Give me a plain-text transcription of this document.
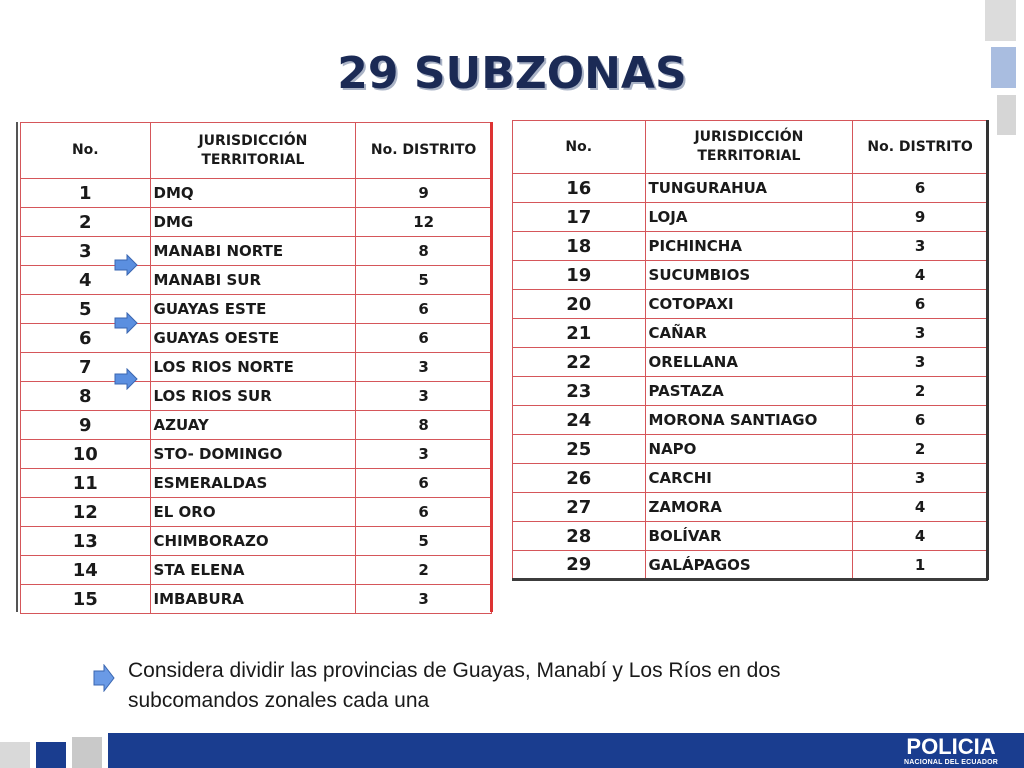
29 SUBZONAS
No.	JURISDICCIÓN TERRITORIAL	No. DISTRITO
1	DMQ	9
2	DMG	12
3	MANABI NORTE	8
4	MANABI SUR	5
5	GUAYAS ESTE	6
6	GUAYAS OESTE	6
7	LOS RIOS NORTE	3
8	LOS RIOS SUR	3
9	AZUAY	8
10	STO- DOMINGO	3
11	ESMERALDAS	6
12	EL ORO	6
13	CHIMBORAZO	5
14	STA ELENA	2
15	IMBABURA	3
No.	JURISDICCIÓN TERRITORIAL	No. DISTRITO
16	TUNGURAHUA	6
17	LOJA	9
18	PICHINCHA	3
19	SUCUMBIOS	4
20	COTOPAXI	6
21	CAÑAR	3
22	ORELLANA	3
23	PASTAZA	2
24	MORONA SANTIAGO	6
25	NAPO	2
26	CARCHI	3
27	ZAMORA	4
28	BOLÍVAR	4
29	GALÁPAGOS	1
Considera dividir las provincias de Guayas, Manabí y Los Ríos en dos subcomandos zonales cada una
POLICIA
NACIONAL DEL ECUADOR
